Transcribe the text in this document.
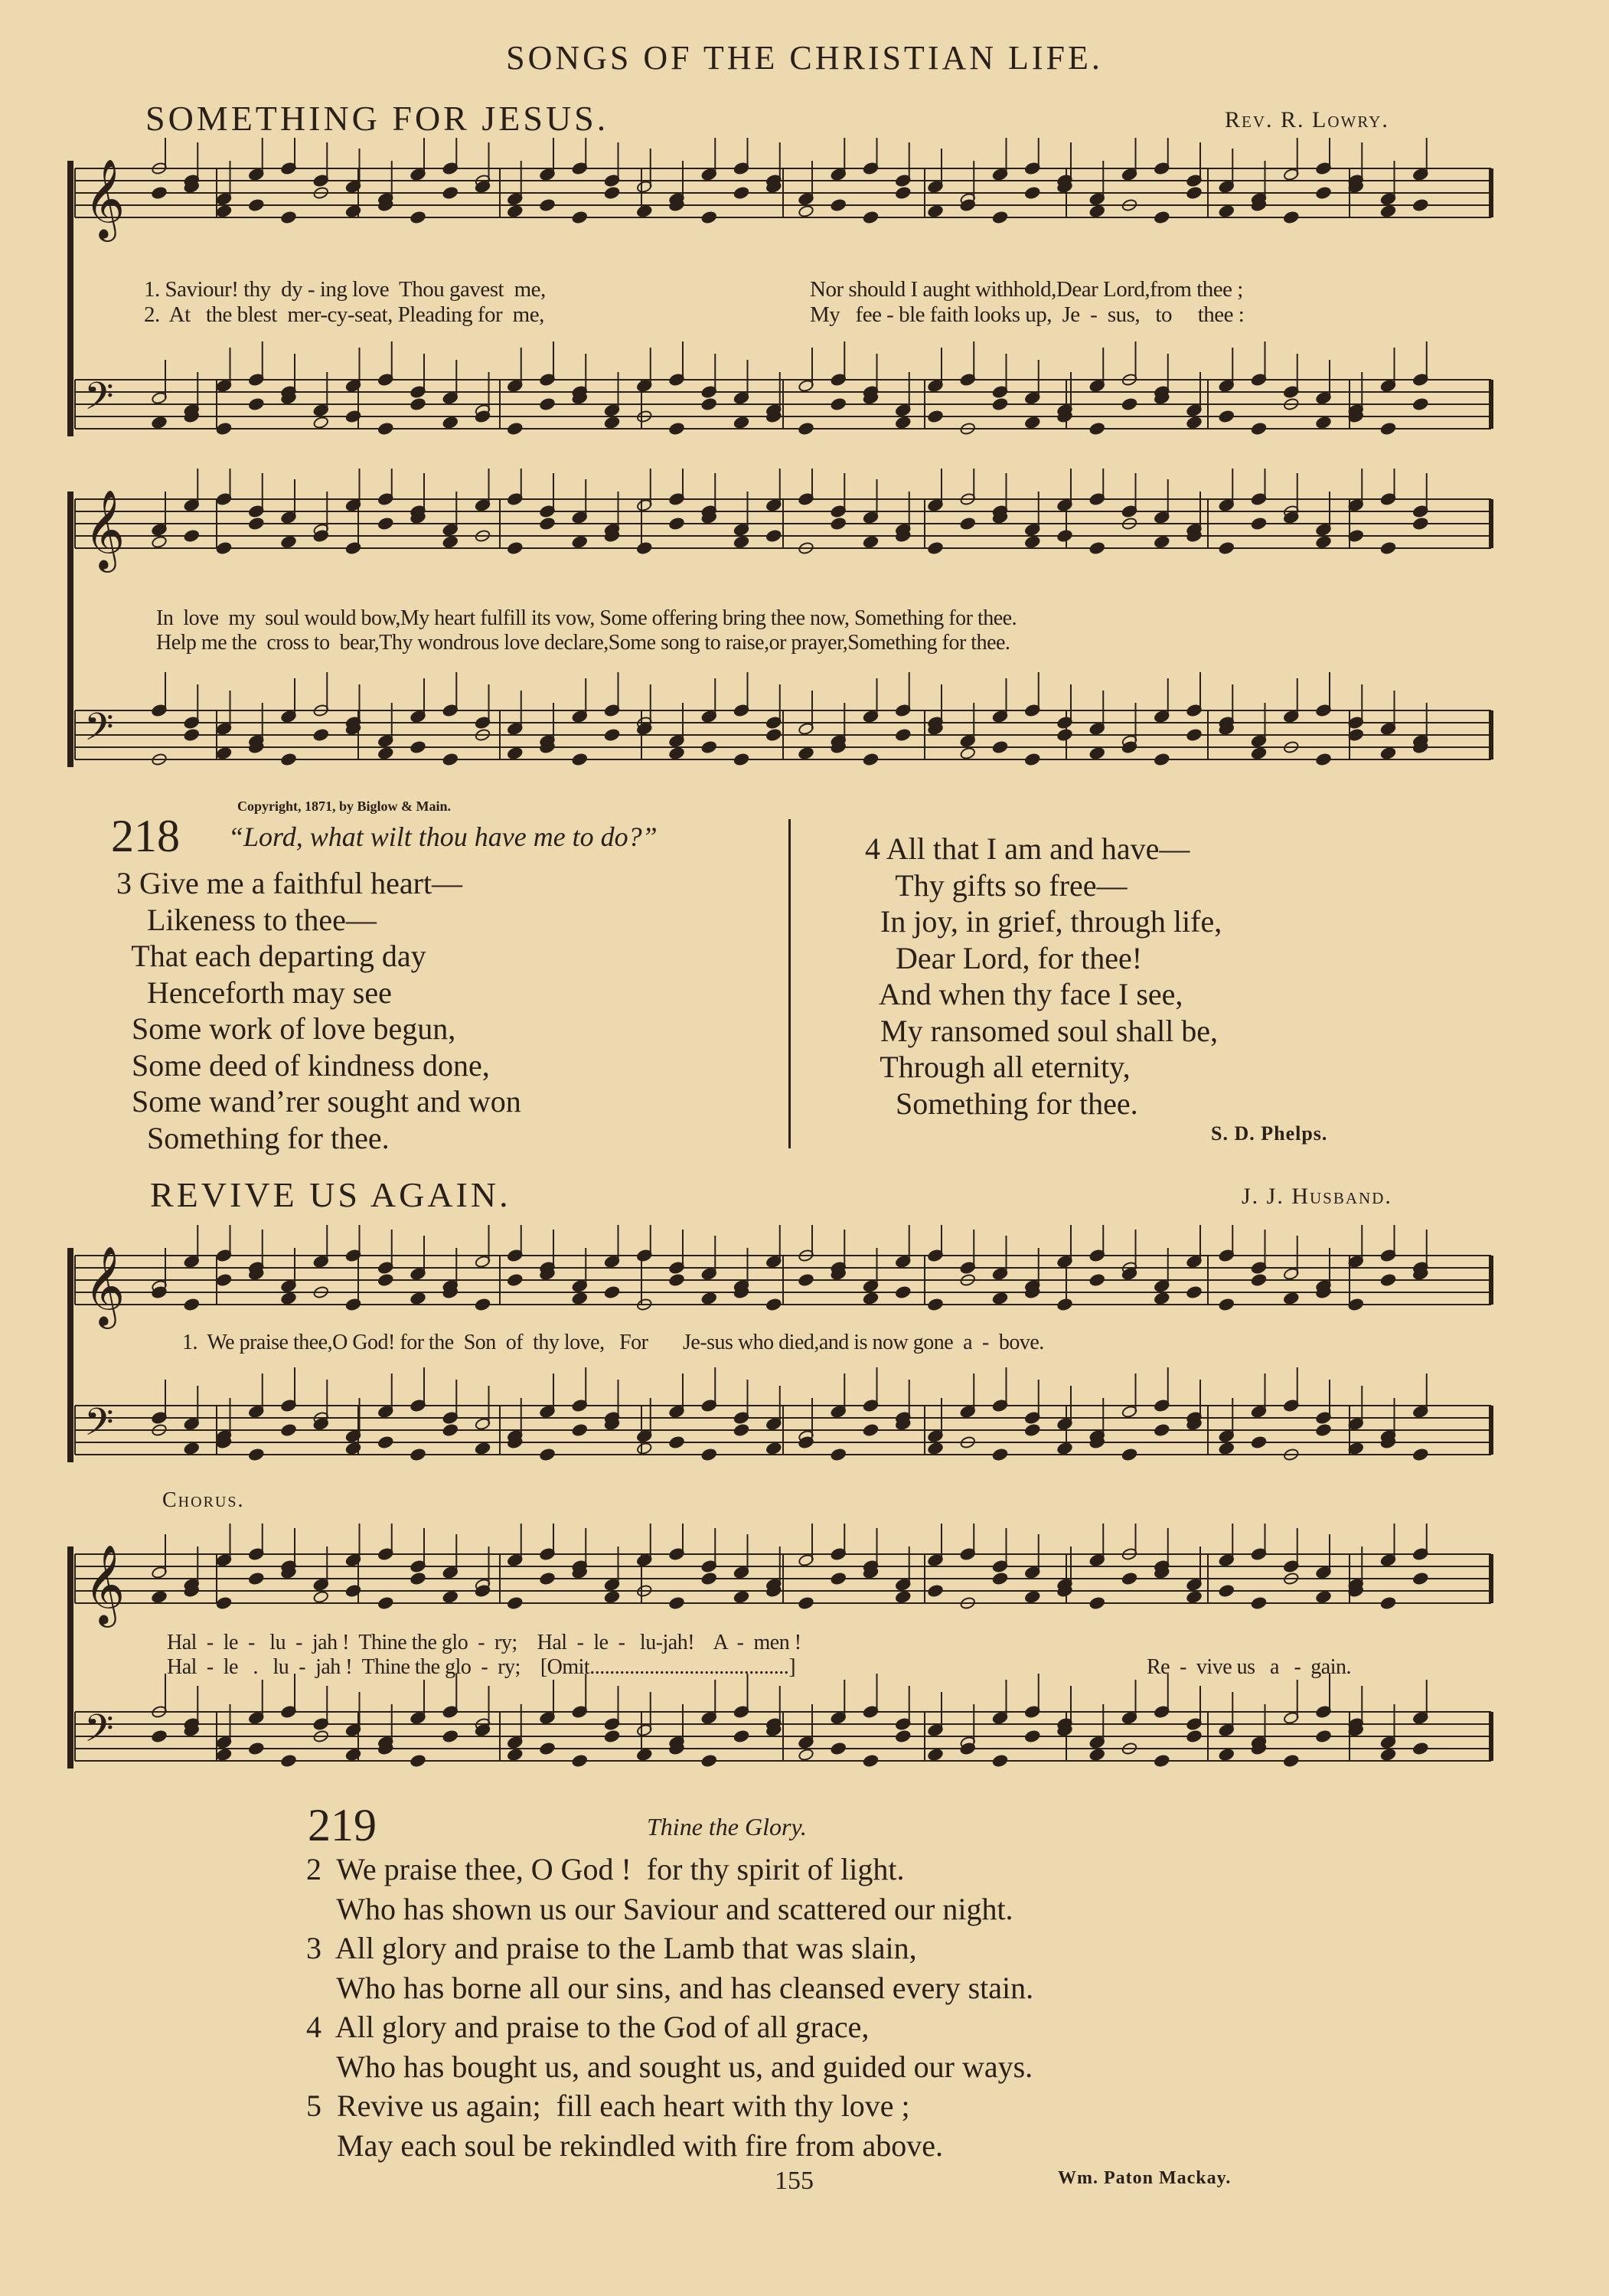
SONGS OF THE CHRISTIAN LIFE.
SOMETHING FOR JESUS.	Rev. R. Lowry.
𝄞
𝄢
1. Saviour! thy  dy - ing love  Thou gavest  me,	Nor should I aught withhold,Dear Lord,from thee ;
2.  At   the blest  mer-cy-seat, Pleading for  me,	My   fee - ble faith looks up,  Je  -  sus,   to     thee :
𝄞
𝄢
In  love  my  soul would bow,My heart fulfill its vow, Some offering bring thee now, Something for thee.
Help me the  cross to  bear,Thy wondrous love declare,Some song to raise,or prayer,Something for thee.
Copyright, 1871, by Biglow & Main.
218 “Lord, what wilt thou have me to do?”
3 Give me a faithful heart—
Likeness to thee—
That each departing day
Henceforth may see
Some work of love begun,
Some deed of kindness done,
Some wand’rer sought and won
Something for thee.
4 All that I am and have—
Thy gifts so free—
In joy, in grief, through life,
Dear Lord, for thee!
And when thy face I see,
My ransomed soul shall be,
Through all eternity,
Something for thee.
S. D. Phelps.
REVIVE US AGAIN.	J. J. Husband.
𝄞
𝄢
1.  We praise thee,O God! for the  Son  of  thy love,   For       Je-sus who died,and is now gone  a  -  bove.
Chorus.
𝄞
𝄢
Hal  -  le  -   lu  -  jah !  Thine the glo  -  ry;    Hal  -  le  -   lu-jah!    A  -  men !
Hal  -  le   .   lu  -  jah !  Thine the glo  -  ry;    [Omit........................................]	Re  -  vive us   a   -  gain.
219	Thine the Glory.
2  We praise thee, O God !  for thy spirit of light.
Who has shown us our Saviour and scattered our night.
3  All glory and praise to the Lamb that was slain,
Who has borne all our sins, and has cleansed every stain.
4  All glory and praise to the God of all grace,
Who has bought us, and sought us, and guided our ways.
5  Revive us again;  fill each heart with thy love ;
May each soul be rekindled with fire from above.
155	Wm. Paton Mackay.
